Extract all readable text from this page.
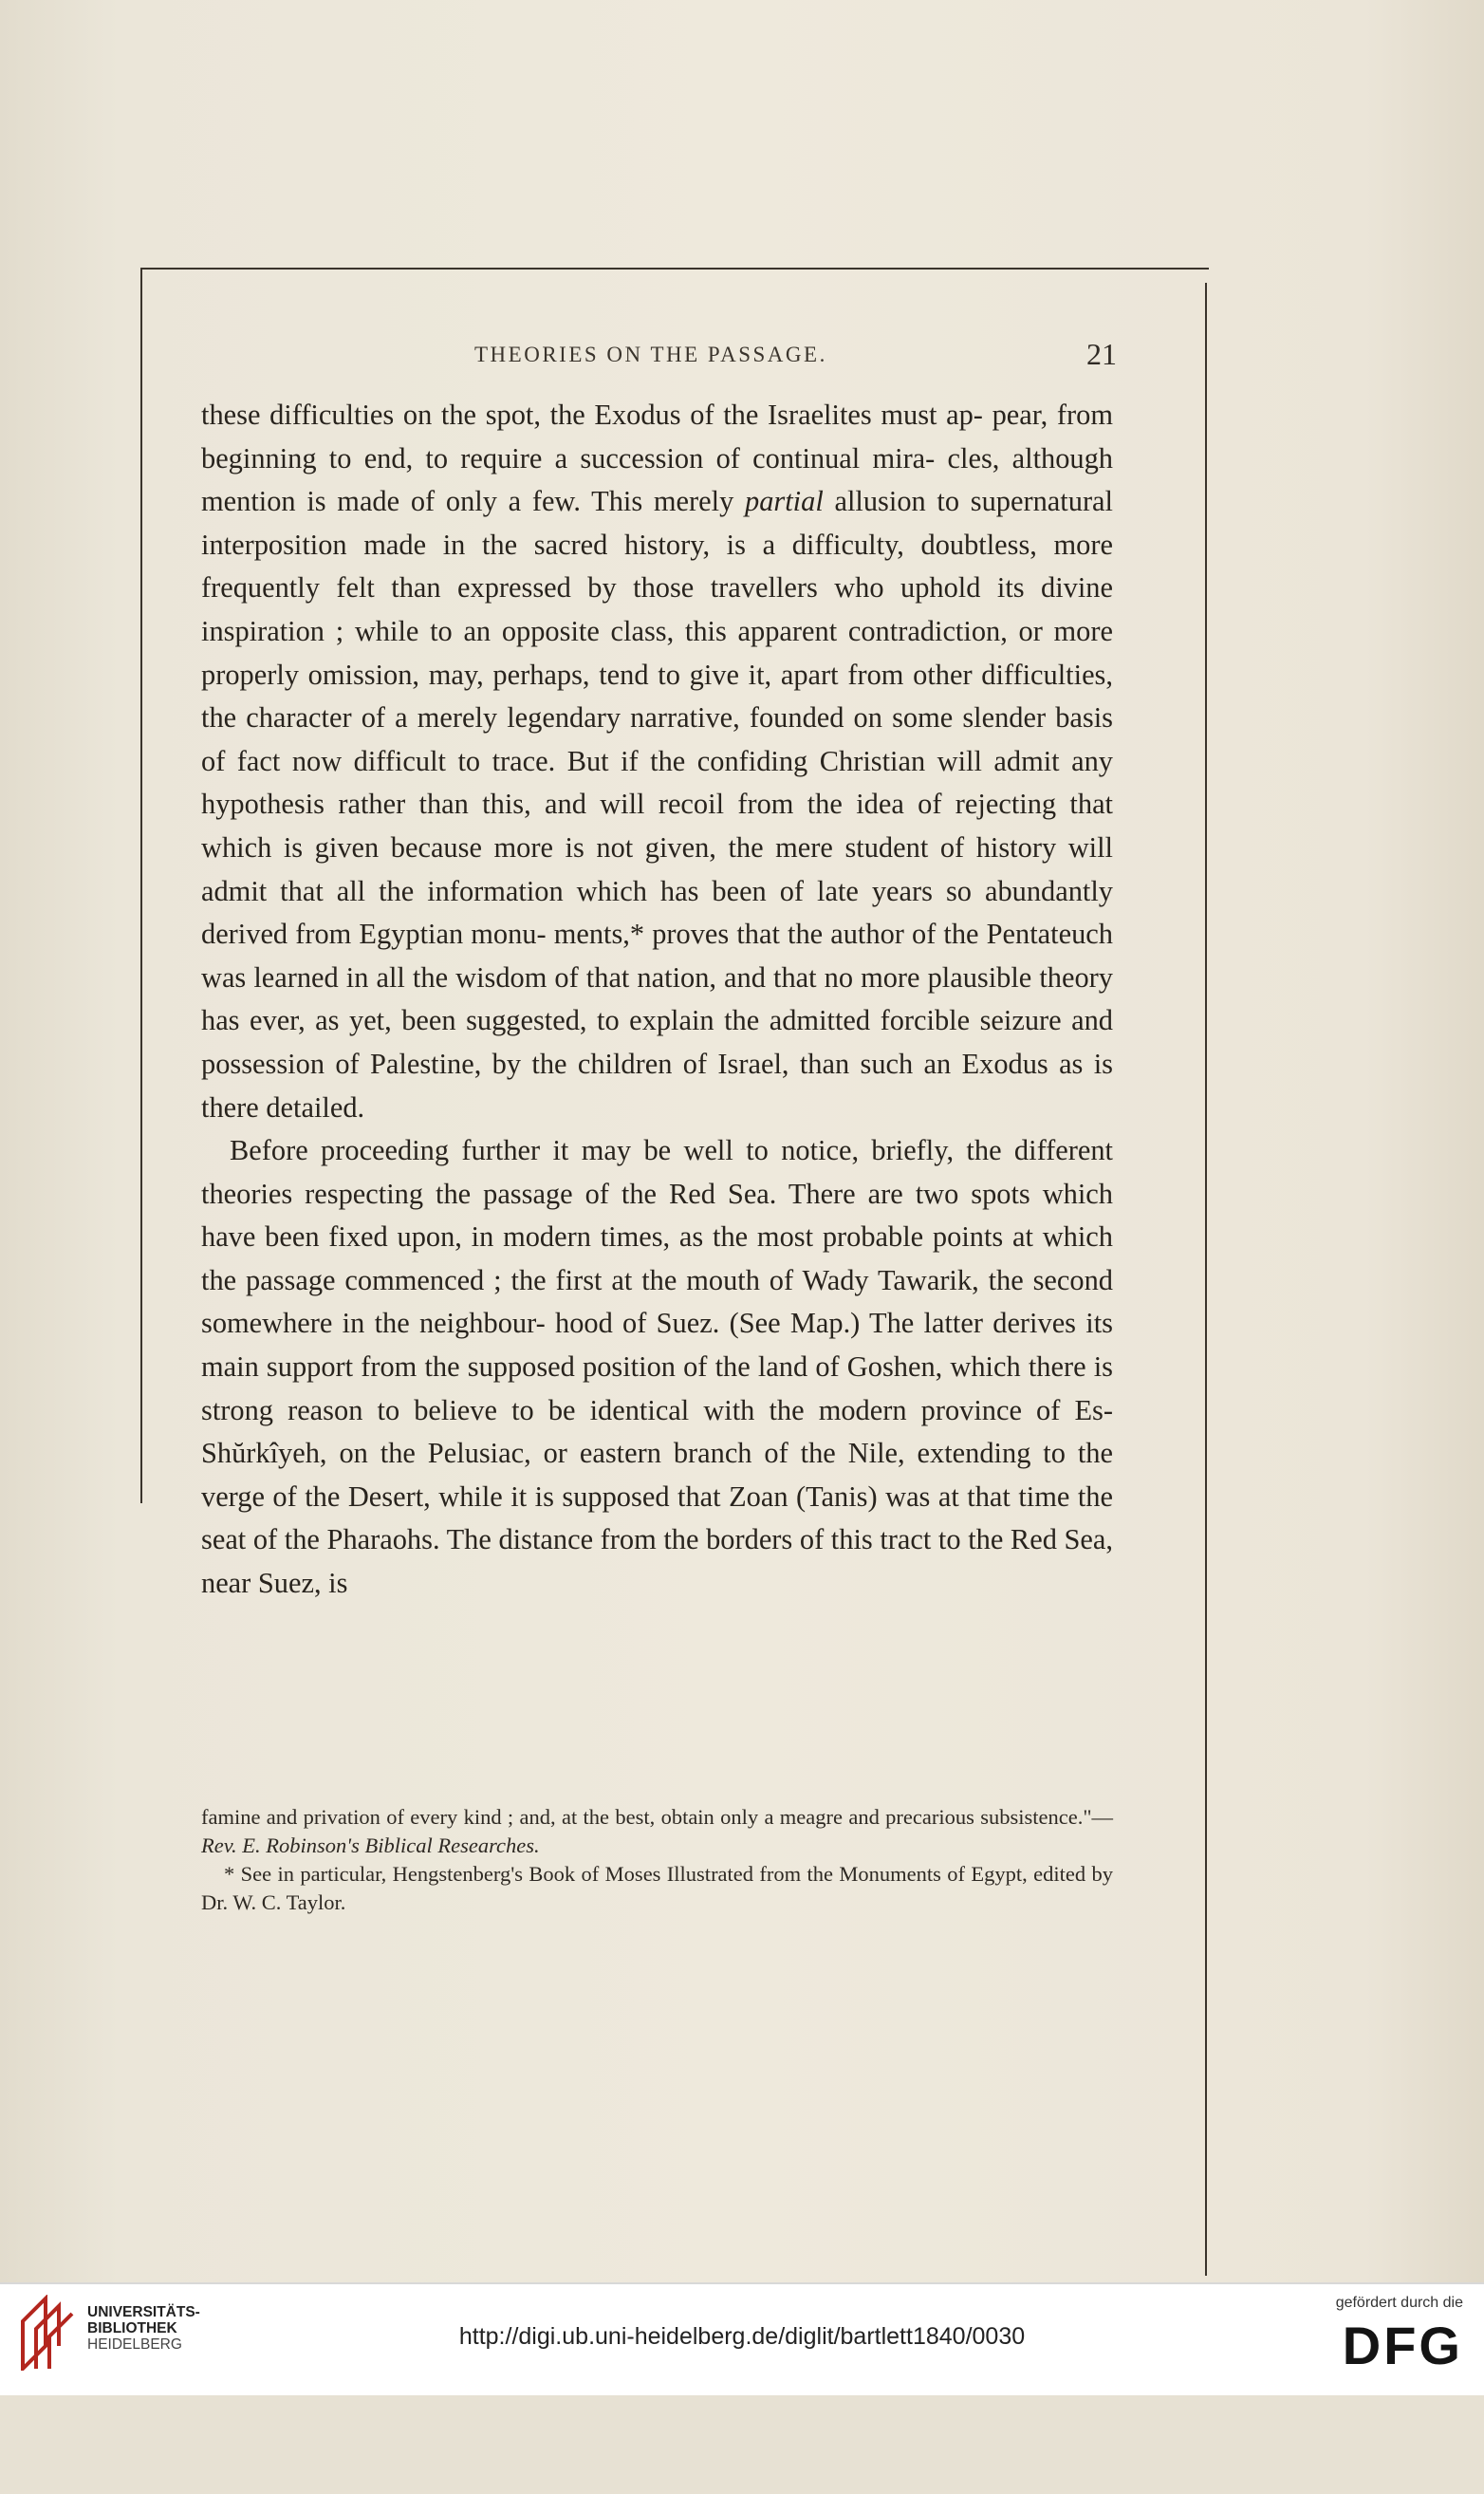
THEORIES ON THE PASSAGE.	21

these difficulties on the spot, the Exodus of the Israelites must ap- pear, from beginning to end, to require a succession of continual mira- cles, although mention is made of only a few. This merely partial allusion to supernatural interposition made in the sacred history, is a difficulty, doubtless, more frequently felt than expressed by those travellers who uphold its divine inspiration ; while to an opposite class, this apparent contradiction, or more properly omission, may, perhaps, tend to give it, apart from other difficulties, the character of a merely legendary narrative, founded on some slender basis of fact now difficult to trace. But if the confiding Christian will admit any hypothesis rather than this, and will recoil from the idea of rejecting that which is given because more is not given, the mere student of history will admit that all the information which has been of late years so abundantly derived from Egyptian monu- ments,* proves that the author of the Pentateuch was learned in all the wisdom of that nation, and that no more plausible theory has ever, as yet, been suggested, to explain the admitted forcible seizure and possession of Palestine, by the children of Israel, than such an Exodus as is there detailed.

Before proceeding further it may be well to notice, briefly, the different theories respecting the passage of the Red Sea. There are two spots which have been fixed upon, in modern times, as the most probable points at which the passage commenced ; the first at the mouth of Wady Tawarik, the second somewhere in the neighbour- hood of Suez. (See Map.) The latter derives its main support from the supposed position of the land of Goshen, which there is strong reason to believe to be identical with the modern province of Es-Shŭrkîyeh, on the Pelusiac, or eastern branch of the Nile, extending to the verge of the Desert, while it is supposed that Zoan (Tanis) was at that time the seat of the Pharaohs. The distance from the borders of this tract to the Red Sea, near Suez, is

famine and privation of every kind ; and, at the best, obtain only a meagre and precarious subsistence."—Rev. E. Robinson's Biblical Researches.

* See in particular, Hengstenberg's Book of Moses Illustrated from the Monuments of Egypt, edited by Dr. W. C. Taylor.

UNIVERSITÄTS-
BIBLIOTHEK
HEIDELBERG	http://digi.ub.uni-heidelberg.de/diglit/bartlett1840/0030
gefördert durch die
DFG
